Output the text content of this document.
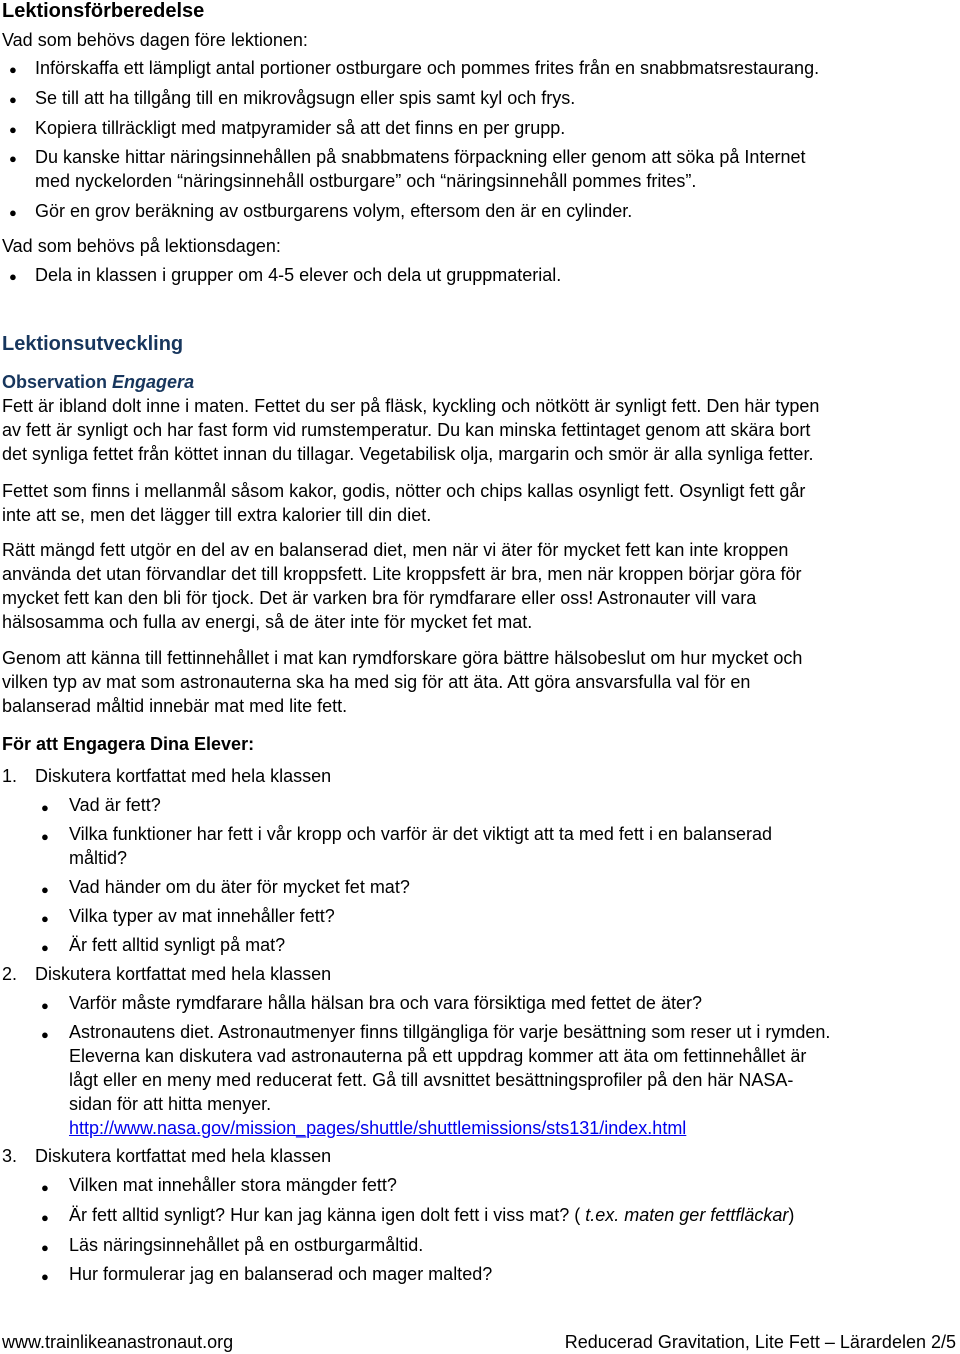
Lektionsförberedelse
Vad som behövs dagen före lektionen:
● Införskaffa ett lämpligt antal portioner ostburgare och pommes frites från en snabbmatsrestaurang.
● Se till att ha tillgång till en mikrovågsugn eller spis samt kyl och frys.
● Kopiera tillräckligt med matpyramider så att det finns en per grupp.
● Du kanske hittar näringsinnehållen på snabbmatens förpackning eller genom att söka på Internet
med nyckelorden “näringsinnehåll ostburgare” och “näringsinnehåll pommes frites”.
● Gör en grov beräkning av ostburgarens volym, eftersom den är en cylinder.
Vad som behövs på lektionsdagen:
● Dela in klassen i grupper om 4-5 elever och dela ut gruppmaterial.
Lektionsutveckling
Observation Engagera
Fett är ibland dolt inne i maten. Fettet du ser på fläsk, kyckling och nötkött är synligt fett. Den här typen
av fett är synligt och har fast form vid rumstemperatur. Du kan minska fettintaget genom att skära bort
det synliga fettet från köttet innan du tillagar. Vegetabilisk olja, margarin och smör är alla synliga fetter.
Fettet som finns i mellanmål såsom kakor, godis, nötter och chips kallas osynligt fett. Osynligt fett går
inte att se, men det lägger till extra kalorier till din diet.
Rätt mängd fett utgör en del av en balanserad diet, men när vi äter för mycket fett kan inte kroppen
använda det utan förvandlar det till kroppsfett. Lite kroppsfett är bra, men när kroppen börjar göra för
mycket fett kan den bli för tjock. Det är varken bra för rymdfarare eller oss! Astronauter vill vara
hälsosamma och fulla av energi, så de äter inte för mycket fet mat.
Genom att känna till fettinnehållet i mat kan rymdforskare göra bättre hälsobeslut om hur mycket och
vilken typ av mat som astronauterna ska ha med sig för att äta. Att göra ansvarsfulla val för en
balanserad måltid innebär mat med lite fett.
För att Engagera Dina Elever:
1. Diskutera kortfattat med hela klassen
● Vad är fett?
● Vilka funktioner har fett i vår kropp och varför är det viktigt att ta med fett i en balanserad
måltid?
● Vad händer om du äter för mycket fet mat?
● Vilka typer av mat innehåller fett?
● Är fett alltid synligt på mat?
2. Diskutera kortfattat med hela klassen
● Varför måste rymdfarare hålla hälsan bra och vara försiktiga med fettet de äter?
● Astronautens diet. Astronautmenyer finns tillgängliga för varje besättning som reser ut i rymden.
Eleverna kan diskutera vad astronauterna på ett uppdrag kommer att äta om fettinnehållet är
lågt eller en meny med reducerat fett. Gå till avsnittet besättningsprofiler på den här NASA-
sidan för att hitta menyer.
http://www.nasa.gov/mission_pages/shuttle/shuttlemissions/sts131/index.html
3. Diskutera kortfattat med hela klassen
● Vilken mat innehåller stora mängder fett?
● Är fett alltid synligt? Hur kan jag känna igen dolt fett i viss mat? ( t.ex. maten ger fettfläckar)
● Läs näringsinnehållet på en ostburgarmåltid.
● Hur formulerar jag en balanserad och mager malted?
www.trainlikeanastronaut.org	Reducerad Gravitation, Lite Fett – Lärardelen 2/5
